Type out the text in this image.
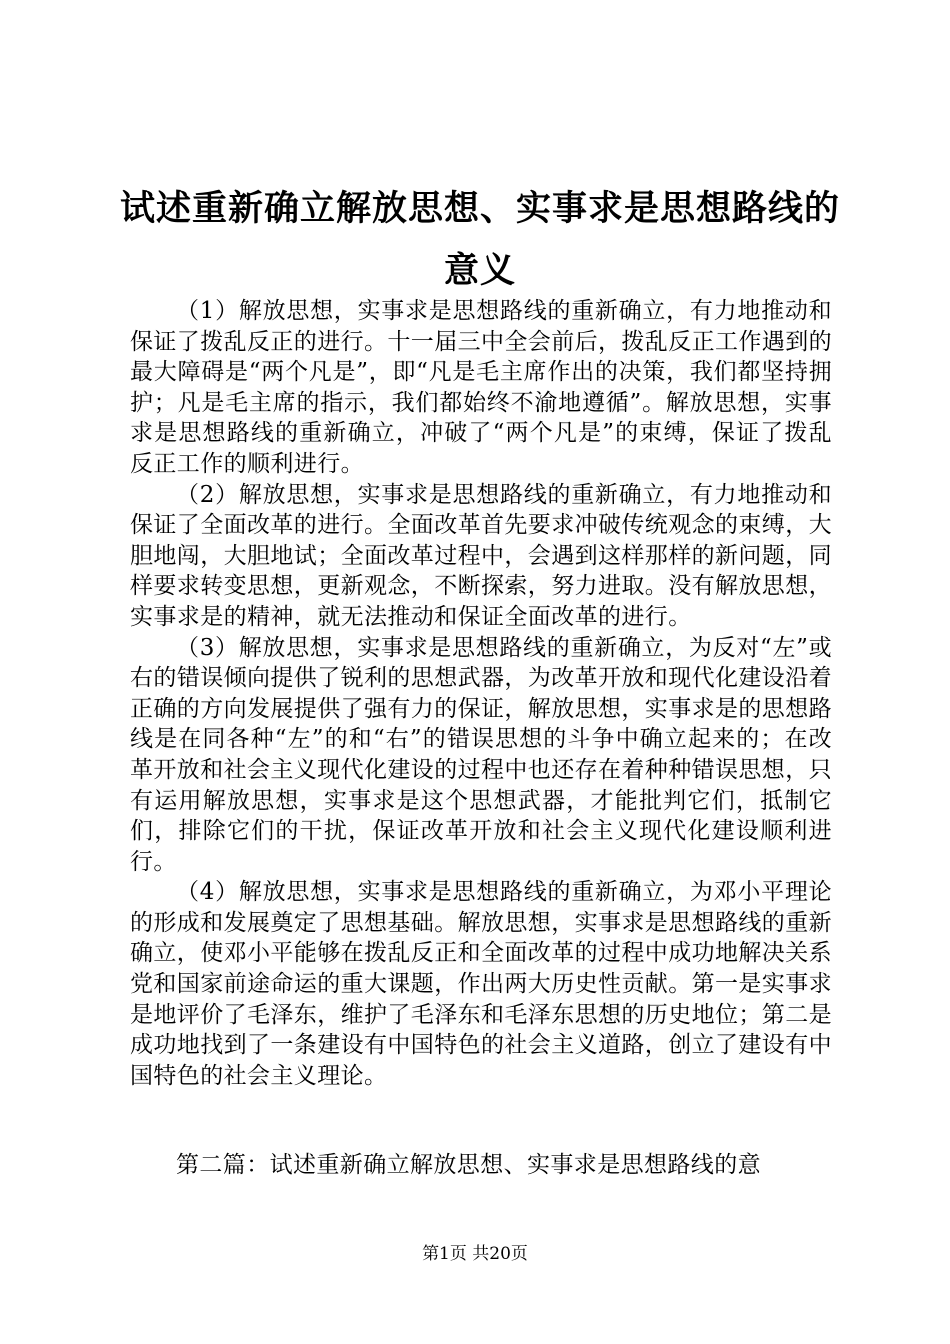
试述重新确立解放思想、实事求是思想路线的意义

（1）解放思想，实事求是思想路线的重新确立，有力地推动和保证了拨乱反正的进行。十一届三中全会前后，拨乱反正工作遇到的最大障碍是“两个凡是”，即“凡是毛主席作出的决策，我们都坚持拥护；凡是毛主席的指示，我们都始终不渝地遵循”。解放思想，实事求是思想路线的重新确立，冲破了“两个凡是”的束缚，保证了拨乱反正工作的顺利进行。

（2）解放思想，实事求是思想路线的重新确立，有力地推动和保证了全面改革的进行。全面改革首先要求冲破传统观念的束缚，大胆地闯，大胆地试；全面改革过程中，会遇到这样那样的新问题，同样要求转变思想，更新观念，不断探索，努力进取。没有解放思想，实事求是的精神，就无法推动和保证全面改革的进行。

（3）解放思想，实事求是思想路线的重新确立，为反对“左”或右的错误倾向提供了锐利的思想武器，为改革开放和现代化建设沿着正确的方向发展提供了强有力的保证，解放思想，实事求是的思想路线是在同各种“左”的和“右”的错误思想的斗争中确立起来的；在改革开放和社会主义现代化建设的过程中也还存在着种种错误思想，只有运用解放思想，实事求是这个思想武器，才能批判它们，抵制它们，排除它们的干扰，保证改革开放和社会主义现代化建设顺利进行。

（4）解放思想，实事求是思想路线的重新确立，为邓小平理论的形成和发展奠定了思想基础。解放思想，实事求是思想路线的重新确立，使邓小平能够在拨乱反正和全面改革的过程中成功地解决关系党和国家前途命运的重大课题，作出两大历史性贡献。第一是实事求是地评价了毛泽东，维护了毛泽东和毛泽东思想的历史地位；第二是成功地找到了一条建设有中国特色的社会主义道路，创立了建设有中国特色的社会主义理论。

第二篇：试述重新确立解放思想、实事求是思想路线的意
第1页 共20页
